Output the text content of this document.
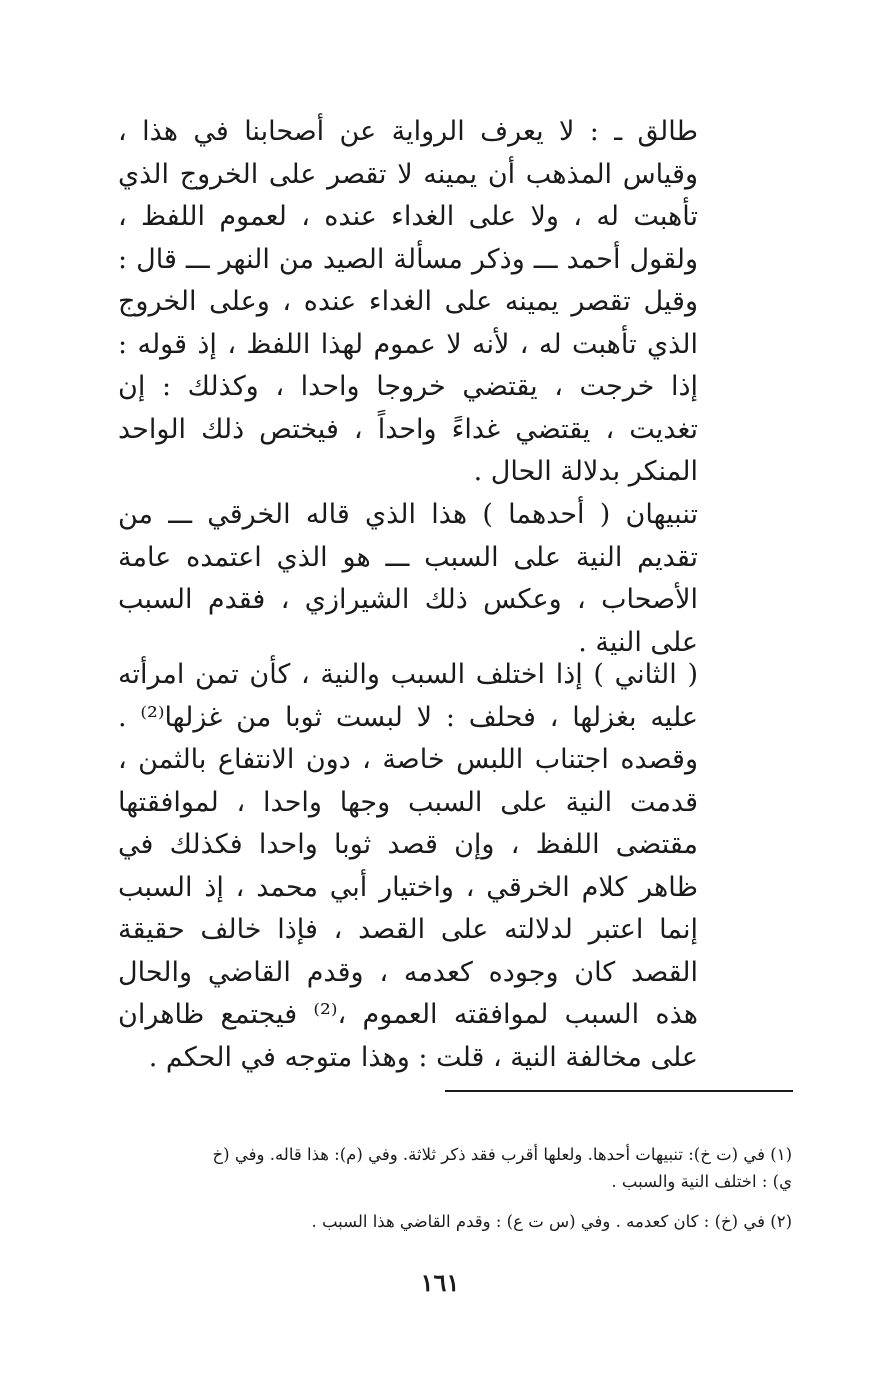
طالق ـ : لا يعرف الرواية عن أصحابنا في هذا ، وقياس المذهب أن يمينه لا تقصر على الخروج الذي تأهبت له ، ولا على الغداء عنده ، لعموم اللفظ ، ولقول أحمد ـــ وذكر مسألة الصيد من النهر ـــ قال : وقيل تقصر يمينه على الغداء عنده ، وعلى الخروج الذي تأهبت له ، لأنه لا عموم لهذا اللفظ ، إذ قوله : إذا خرجت ، يقتضي خروجا واحدا ، وكذلك : إن تغديت ، يقتضي غداءً واحداً ، فيختص ذلك الواحد المنكر بدلالة الحال .

تنبيهان ( أحدهما ) هذا الذي قاله الخرقي ـــ من تقديم النية على السبب ـــ هو الذي اعتمده عامة الأصحاب ، وعكس ذلك الشيرازي ، فقدم السبب على النية .

( الثاني ) إذا اختلف السبب والنية ، كأن تمن امرأته عليه بغزلها ، فحلف : لا لبست ثوبا من غزلها⁽²⁾ . وقصده اجتناب اللبس خاصة ، دون الانتفاع بالثمن ، قدمت النية على السبب وجها واحدا ، لموافقتها مقتضى اللفظ ، وإن قصد ثوبا واحدا فكذلك في ظاهر كلام الخرقي ، واختيار أبي محمد ، إذ السبب إنما اعتبر لدلالته على القصد ، فإذا خالف حقيقة القصد كان وجوده كعدمه ، وقدم القاضي والحال هذه السبب لموافقته العموم ،⁽²⁾ فيجتمع ظاهران على مخالفة النية ، قلت : وهذا متوجه في الحكم .

(١) في (ت خ): تنبيهات أحدها. ولعلها أقرب فقد ذكر ثلاثة. وفي (م): هذا قاله. وفي (خ
ي) : اختلف النية والسبب .
(٢) في (خ) : كان كعدمه . وفي (س ت ع) : وقدم القاضي هذا السبب .
١٦١
